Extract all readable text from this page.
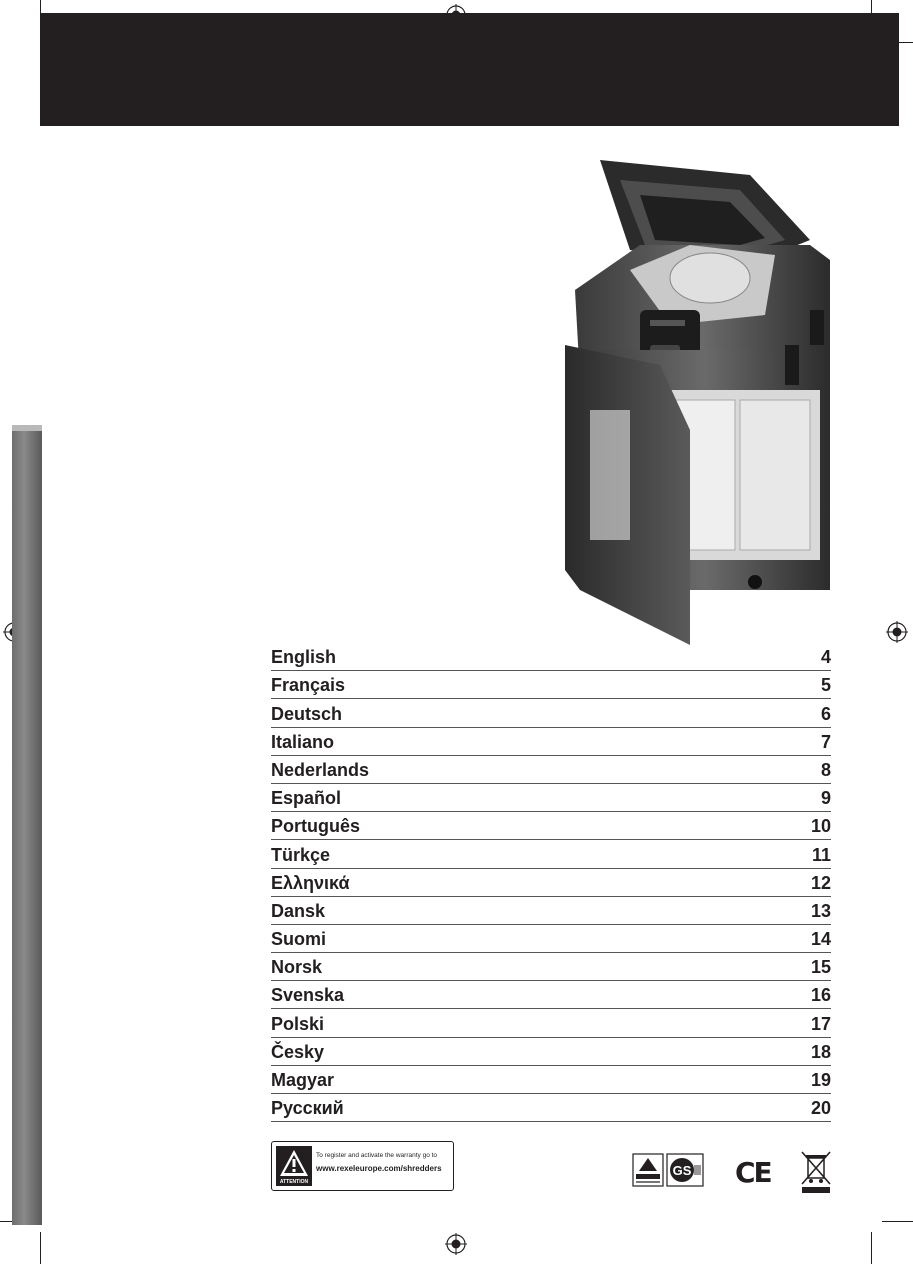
English	4
Français	5
Deutsch	6
Italiano	7
Nederlands	8
Español	9
Português	10
Türkçe	11
Ελληνικά	12
Dansk	13
Suomi	14
Norsk	15
Svenska	16
Polski	17
Česky	18
Magyar	19
Русский	20
ATTENTION
To register and activate the warranty go to
www.rexeleurope.com/shredders	GS CE
